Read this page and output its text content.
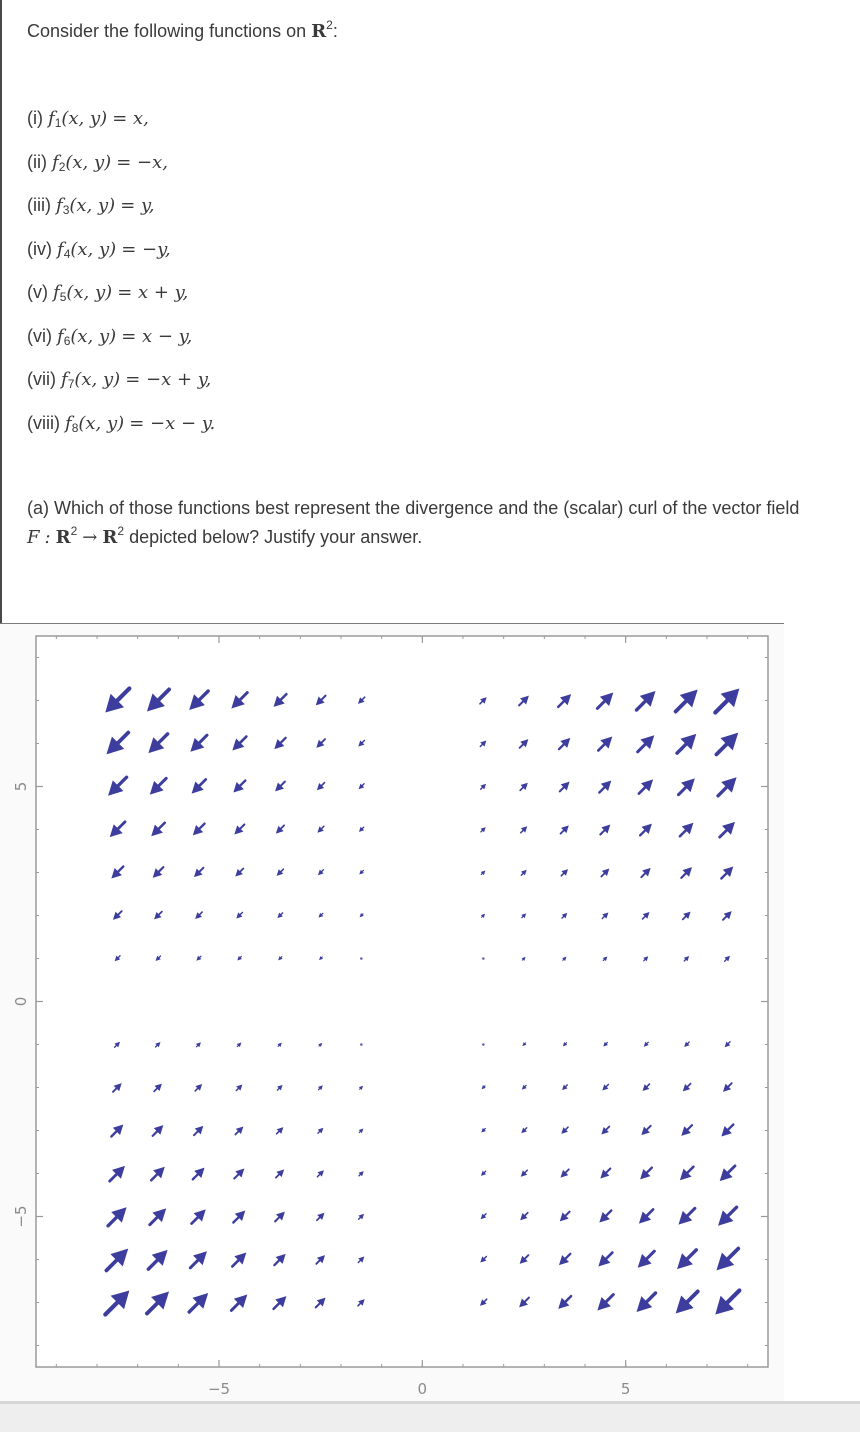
Consider the following functions on $R^2$:
(i) $f_1(x$, y) = x,
(ii) $f_2(x$, y) = −x,
(iii) $f_3(x$, y) = y,
(iv) $f_4(x$, y) = −y,
(v) $f_5(x$, y) = x + y,
(vi) $f_6(x$, y) = x − y,
(vii) $f_7(x$, y) = −x + y,
(viii) $f_8(x$, y) = −x − y.
(a) Which of those functions best represent the divergence and the (scalar) curl of the vector field
F : $R^2 \to R^2$ depicted below? Justify your answer.
−5	0	5
5
0
−5
